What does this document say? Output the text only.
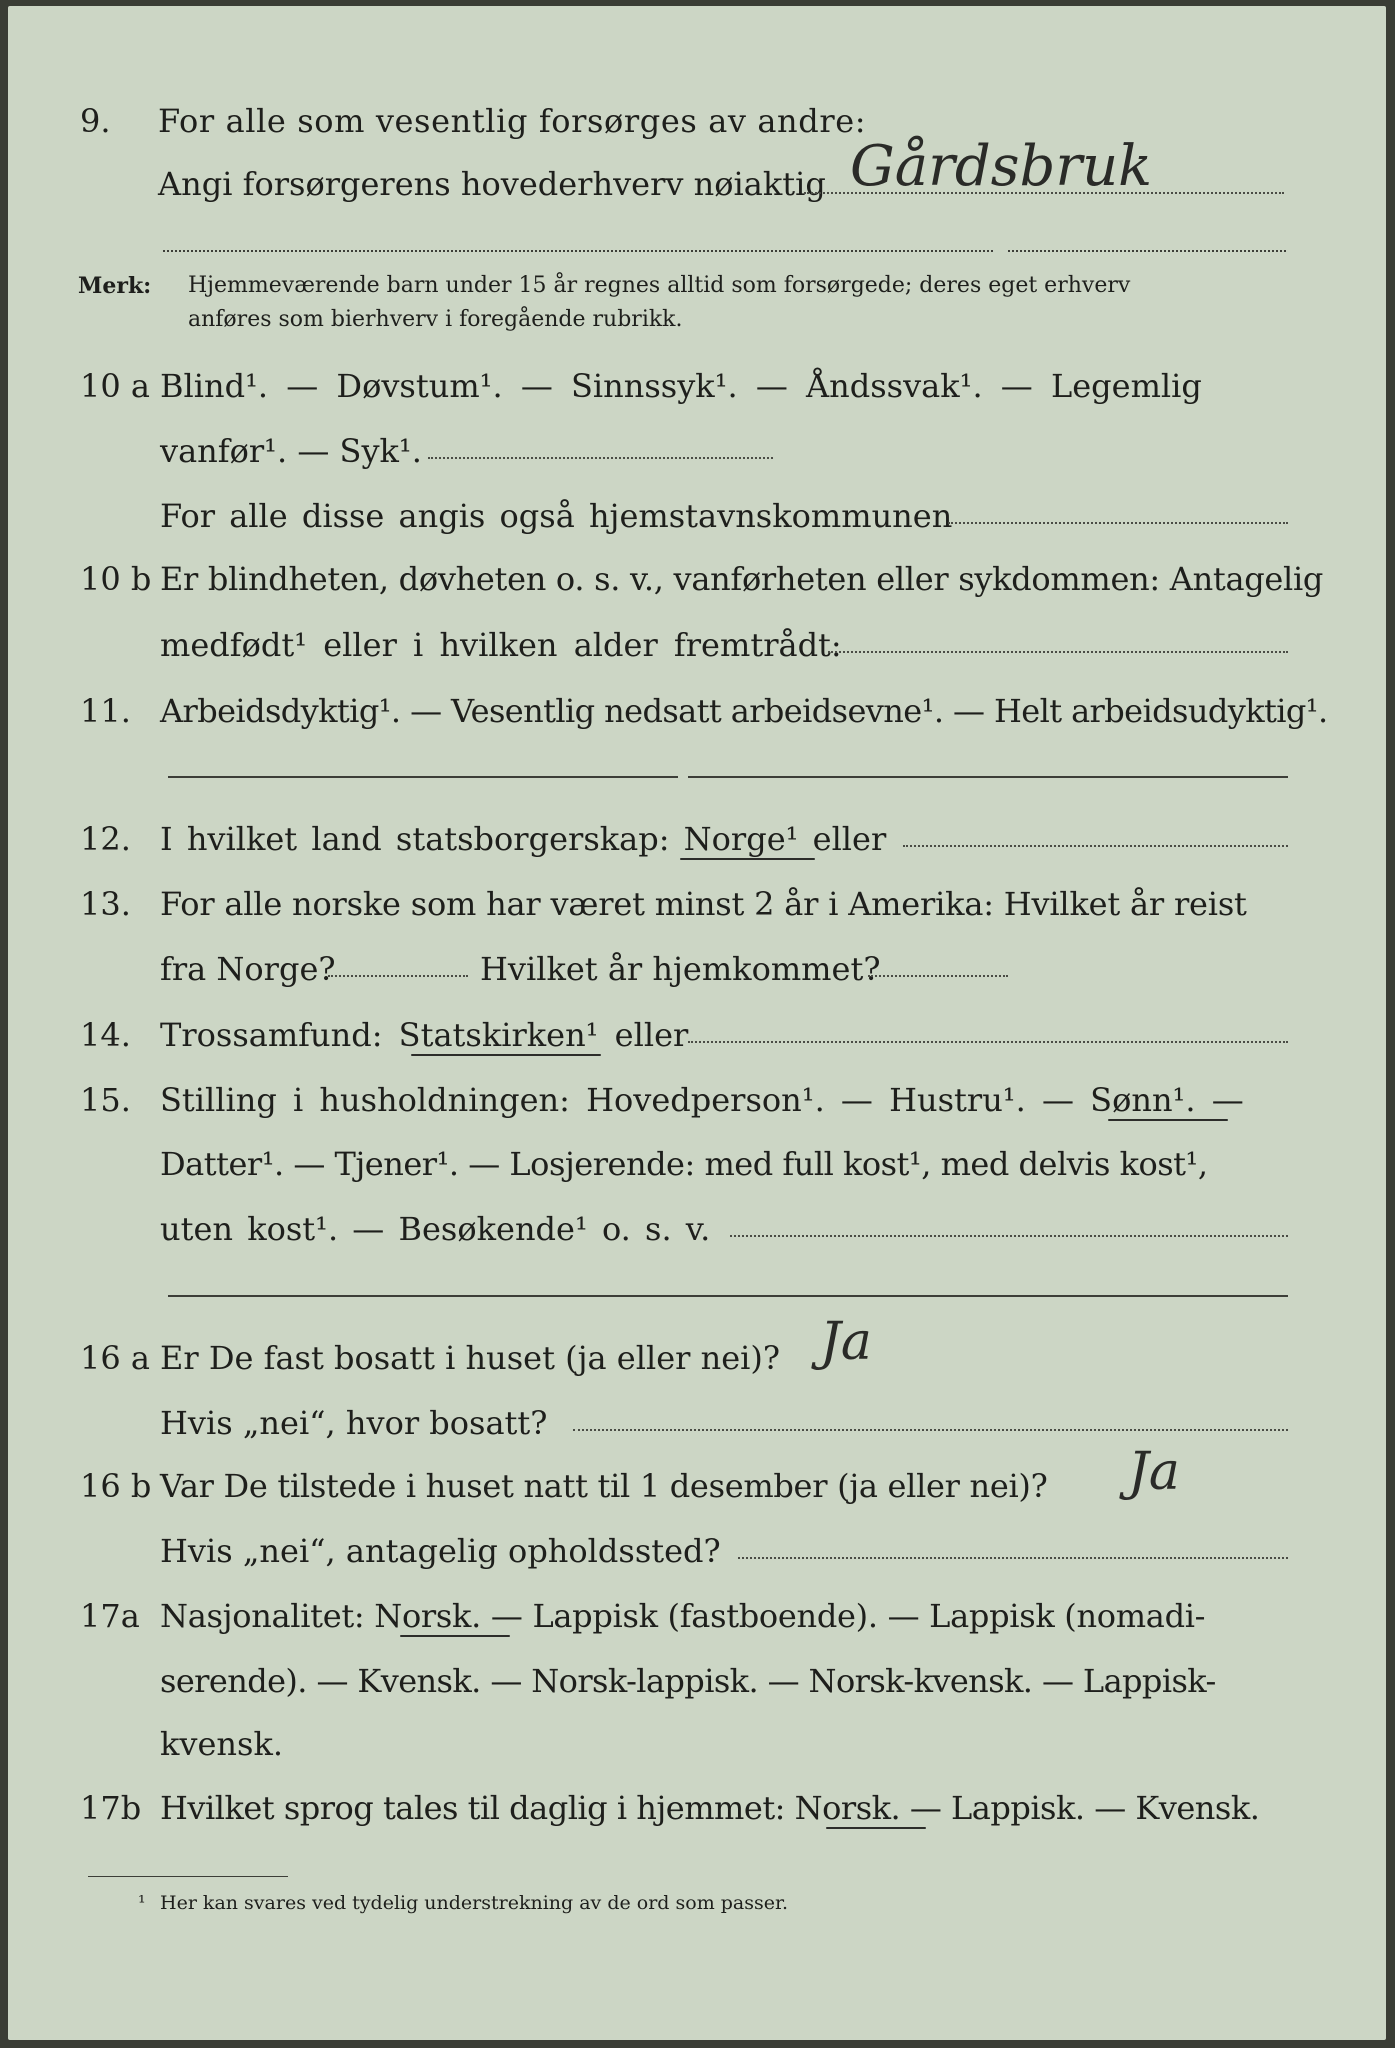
9. For alle som vesentlig forsørges av andre:
Angi forsørgerens hovederhverv nøiaktig Gårdsbruk
Merk: Hjemmeværende barn under 15 år regnes alltid som forsørgede; deres eget erhverv
anføres som bierhverv i foregående rubrikk.
10 a Blind¹. — Døvstum¹. — Sinnssyk¹. — Åndssvak¹. — Legemlig
vanfør¹. — Syk¹.
For alle disse angis også hjemstavnskommunen
10 b Er blindheten, døvheten o. s. v., vanførheten eller sykdommen: Antagelig
medfødt¹ eller i hvilken alder fremtrådt:
11. Arbeidsdyktig¹. — Vesentlig nedsatt arbeidsevne¹. — Helt arbeidsudyktig¹.
12. I hvilket land statsborgerskap: Norge¹ eller
13. For alle norske som har været minst 2 år i Amerika: Hvilket år reist
fra Norge?	Hvilket år hjemkommet?
14. Trossamfund: Statskirken¹ eller
15. Stilling i husholdningen: Hovedperson¹. — Hustru¹. — Sønn¹. —
Datter¹. — Tjener¹. — Losjerende: med full kost¹, med delvis kost¹,
uten kost¹. — Besøkende¹ o. s. v.
16 a Er De fast bosatt i huset (ja eller nei)? Ja
Hvis „nei“, hvor bosatt?
16 b Var De tilstede i huset natt til 1 desember (ja eller nei)? Ja
Hvis „nei“, antagelig opholdssted?
17a Nasjonalitet: Norsk. — Lappisk (fastboende). — Lappisk (nomadi-
serende). — Kvensk. — Norsk-lappisk. — Norsk-kvensk. — Lappisk-
kvensk.
17b Hvilket sprog tales til daglig i hjemmet: Norsk. — Lappisk. — Kvensk.
¹ Her kan svares ved tydelig understrekning av de ord som passer.
